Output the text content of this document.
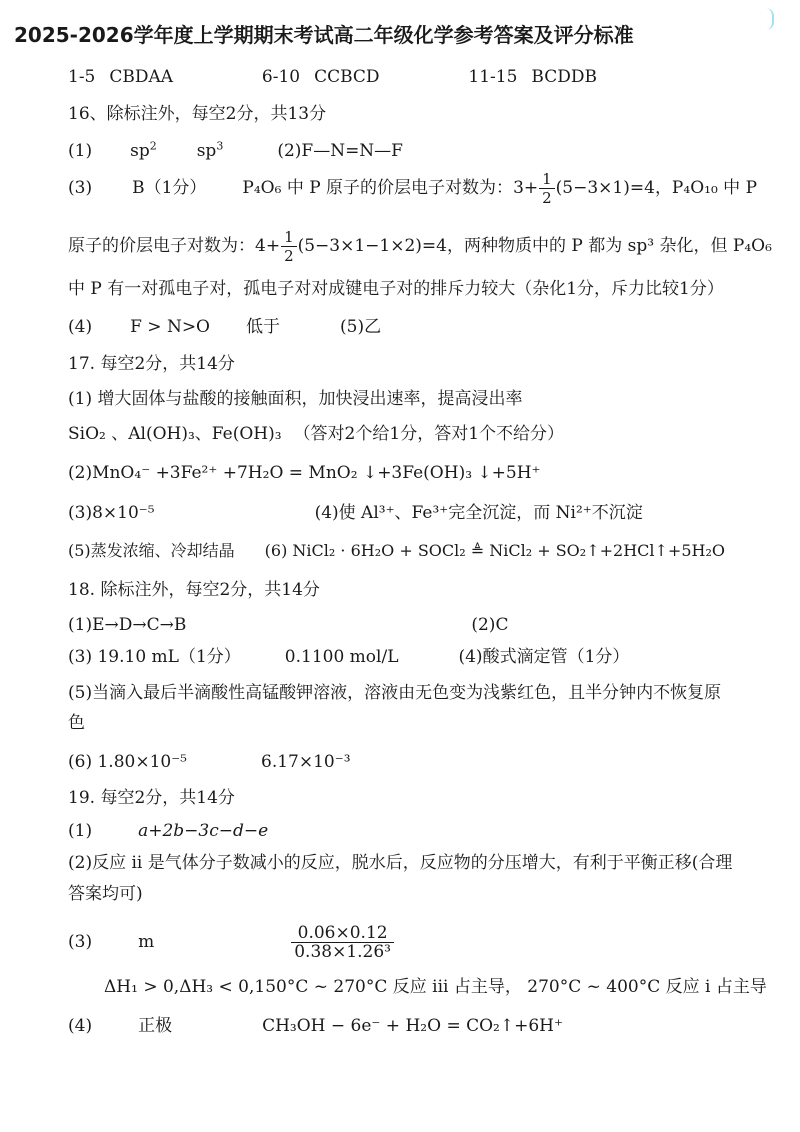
2025-2026学年度上学期期末考试高二年级化学参考答案及评分标准
1-5 CBDAA	6-10 CCBCD	11-15 BCDDB
16、除标注外，每空2分，共13分
(1) $sp^2$ $sp^3$	(2)F—N=N—F
(3) B（1分） P₄O₆ 中 P 原子的价层电子对数为：$3+ \frac{1}{2} (5-3\times 1)=4$，P₄O₁₀ 中 P
原子的价层电子对数为：$4+ \frac{1}{2} (5-3\times 1-1\times 2)=4$，两种物质中的 P 都为 sp³ 杂化，但 P₄O₆
中 P 有一对孤电子对，孤电子对对成键电子对的排斥力较大（杂化1分，斥力比较1分）
(4) F > N>O 低于	(5)乙
17. 每空2分，共14分
(1) 增大固体与盐酸的接触面积，加快浸出速率，提高浸出率
SiO₂ 、Al(OH)₃、Fe(OH)₃ （答对2个给1分，答对1个不给分）
(2)MnO₄⁻ +3Fe²⁺ +7H₂O = MnO₂ ↓+3Fe(OH)₃ ↓+5H⁺
(3)8×10⁻⁵	(4)使 Al³⁺、Fe³⁺完全沉淀，而 Ni²⁺不沉淀
(5)蒸发浓缩、冷却结晶 (6) NiCl₂ · 6H₂O + SOCl₂ ≜ NiCl₂ + SO₂↑+2HCl↑+5H₂O
18. 除标注外，每空2分，共14分
(1)E→D→C→B	(2)C
(3) 19.10 mL（1分）	0.1100 mol/L	(4)酸式滴定管（1分）
(5)当滴入最后半滴酸性高锰酸钾溶液，溶液由无色变为浅紫红色，且半分钟内不恢复原
色
(6) 1.80×10⁻⁵	6.17×10⁻³
19. 每空2分，共14分
(1)	a+2b−3c−d−e
(2)反应 ii 是气体分子数减小的反应，脱水后，反应物的分压增大，有利于平衡正移(合理
答案均可)
(3)	m	$\frac{0.06\times 0.12}{\text{0.38×1.26³}}$
ΔH₁ > 0,ΔH₃ < 0,150°C ~ 270°C 反应 iii 占主导， 270°C ~ 400°C 反应 i 占主导
(4)	正极	CH₃OH − 6e⁻ + H₂O = CO₂↑+6H⁺
